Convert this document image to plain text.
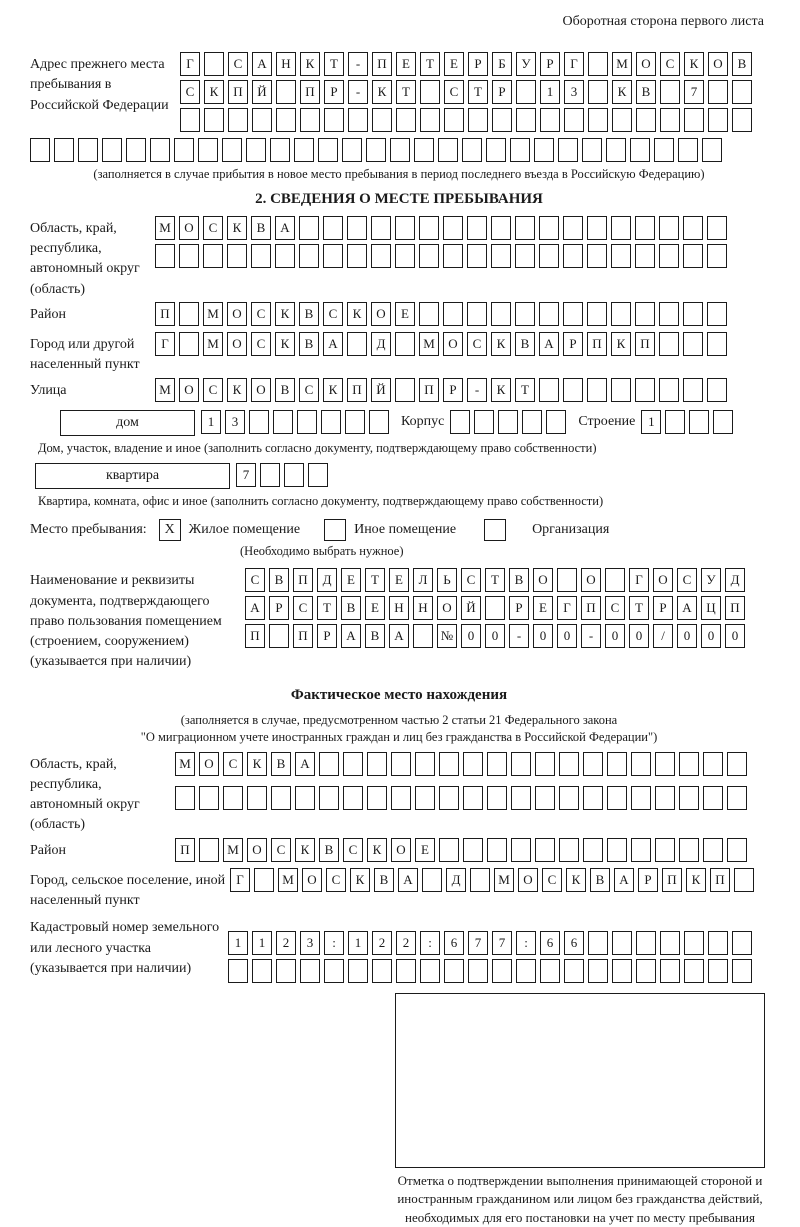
Оборотная сторона первого листа
Адрес прежнего места пребывания в Российской Федерации
Г	С	А	Н	К	Т	-	П	Е	Т	Е	Р	Б	У	Р	Г	М	О	С	К	О	В
С	К	П	Й	П	Р	-	К	Т	С	Т	Р	1	3	К	В	7
(заполняется в случае прибытия в новое место пребывания в период последнего въезда в Российскую Федерацию)
2. СВЕДЕНИЯ О МЕСТЕ ПРЕБЫВАНИЯ
Область, край, республика, автономный округ (область)
М	О	С	К	В	А
Район	П	М	О	С	К	В	С	К	О	Е
Город или другой населенный пункт
Г	М	О	С	К	В	А	Д	М	О	С	К	В	А	Р	П	К	П
Улица	М	О	С	К	О	В	С	К	П	Й	П	Р	-	К	Т
дом	1	3	Корпус	Строение 1
Дом, участок, владение и иное (заполнить согласно документу, подтверждающему право собственности)
квартира	7
Квартира, комната, офис и иное (заполнить согласно документу, подтверждающему право собственности)
Место пребывания:	X Жилое помещение	Иное помещение	Организация
(Необходимо выбрать нужное)
Наименование и реквизиты документа, подтверждающего право пользования помещением (строением, сооружением) (указывается при наличии)
С	В	П	Д	Е	Т	Е	Л	Ь	С	Т	В	О	О	Г	О	С	У	Д
А	Р	С	Т	В	Е	Н	Н	О	Й	Р	Е	Г	П	С	Т	Р	А	Ц	П
П	П	Р	А	В	А	№	0	0	-	0	0	-	0	0	/	0	0	0
Фактическое место нахождения
(заполняется в случае, предусмотренном частью 2 статьи 21 Федерального закона
"О миграционном учете иностранных граждан и лиц без гражданства в Российской Федерации")
Область, край, республика, автономный округ (область)
М	О	С	К	В	А
Район	П	М	О	С	К	В	С	К	О	Е
Город, сельское поселение, иной населенный пункт
Г	М	О	С	К	В	А	Д	М	О	С	К	В	А	Р	П	К	П
Кадастровый номер земельного или лесного участка (указывается при наличии)
1	1	2	3	:	1	2	2	:	6	7	7	:	6	6
Отметка о подтверждении выполнения принимающей стороной и иностранным гражданином или лицом без гражданства действий, необходимых для его постановки на учет по месту пребывания
